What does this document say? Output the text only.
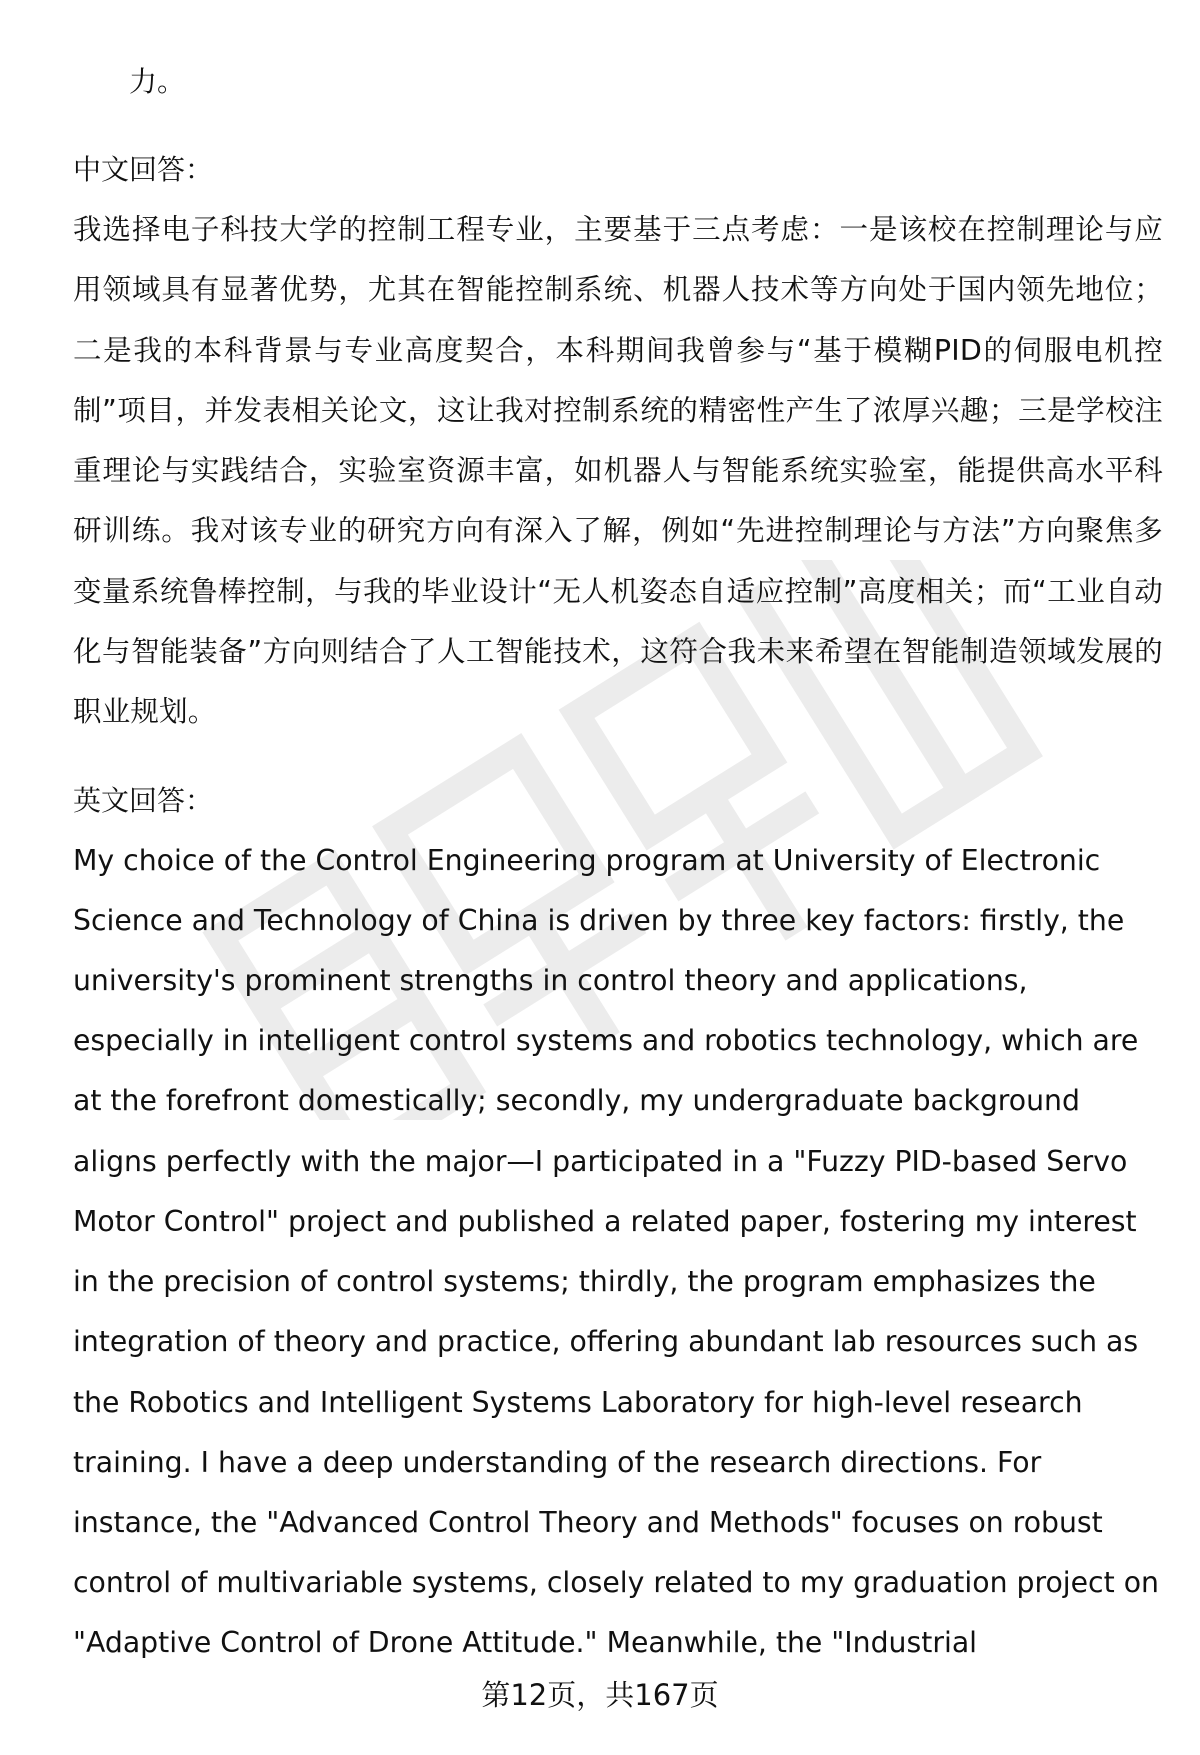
力。

中文回答：

我选择电子科技大学的控制工程专业，主要基于三点考虑：一是该校在控制理论与应用领域具有显著优势，尤其在智能控制系统、机器人技术等方向处于国内领先地位；二是我的本科背景与专业高度契合，本科期间我曾参与“基于模糊PID的伺服电机控制”项目，并发表相关论文，这让我对控制系统的精密性产生了浓厚兴趣；三是学校注重理论与实践结合，实验室资源丰富，如机器人与智能系统实验室，能提供高水平科研训练。我对该专业的研究方向有深入了解，例如“先进控制理论与方法”方向聚焦多变量系统鲁棒控制，与我的毕业设计“无人机姿态自适应控制”高度相关；而“工业自动化与智能装备”方向则结合了人工智能技术，这符合我未来希望在智能制造领域发展的职业规划。

英文回答：

My choice of the Control Engineering program at University of Electronic Science and Technology of China is driven by three key factors: firstly, the university's prominent strengths in control theory and applications, especially in intelligent control systems and robotics technology, which are at the forefront domestically; secondly, my undergraduate background aligns perfectly with the major—I participated in a "Fuzzy PID-based Servo Motor Control" project and published a related paper, fostering my interest in the precision of control systems; thirdly, the program emphasizes the integration of theory and practice, offering abundant lab resources such as the Robotics and Intelligent Systems Laboratory for high-level research training. I have a deep understanding of the research directions. For instance, the "Advanced Control Theory and Methods" focuses on robust control of multivariable systems, closely related to my graduation project on "Adaptive Control of Drone Attitude." Meanwhile, the "Industrial

第12页，共167页
